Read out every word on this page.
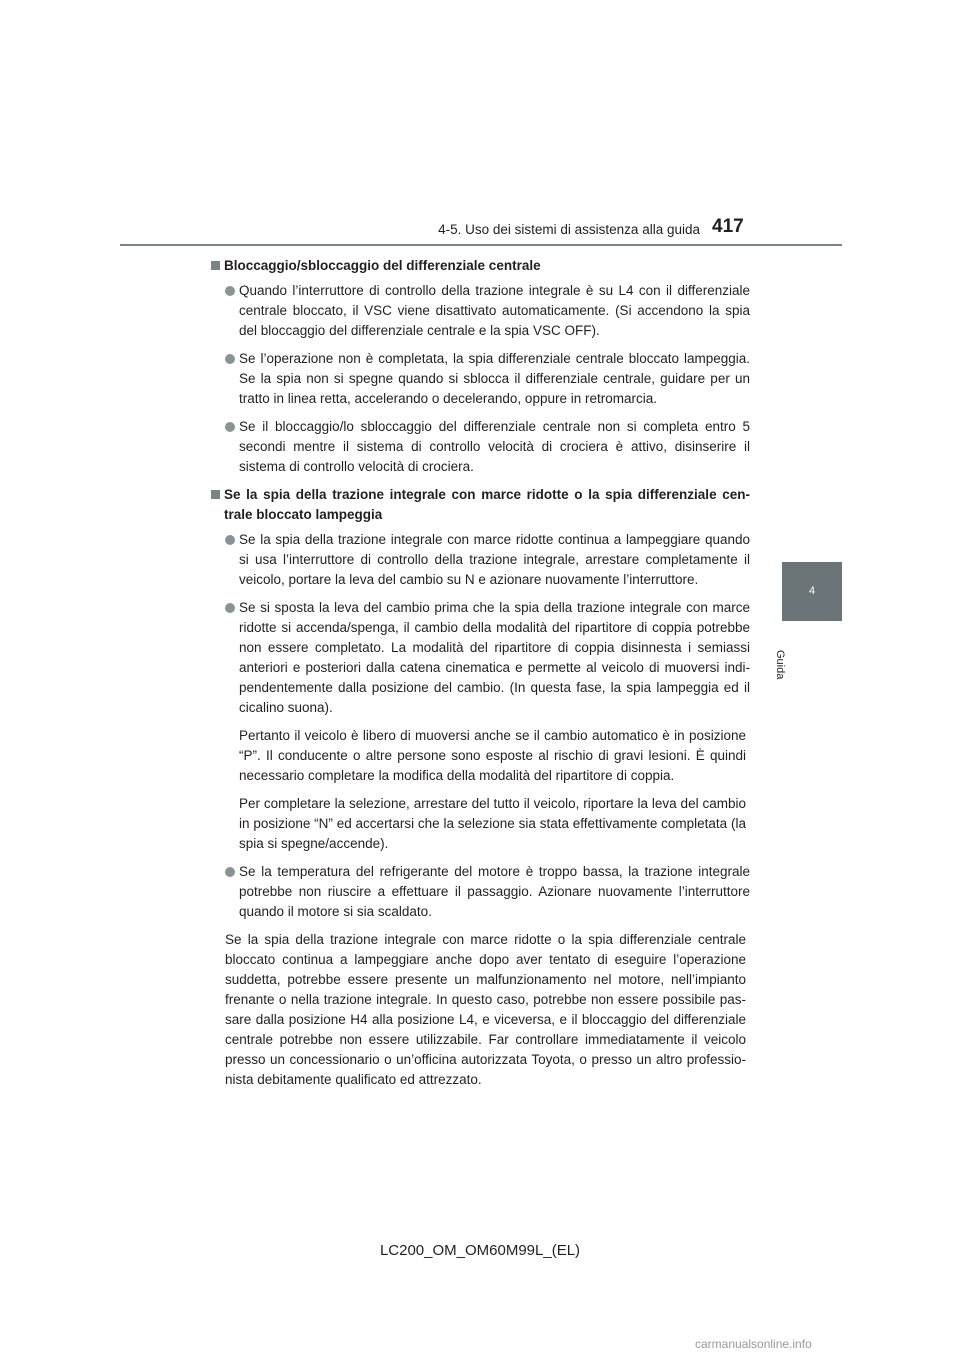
4-5. Uso dei sistemi di assistenza alla guida 417
4
Guida
Bloccaggio/sbloccaggio del differenziale centrale
Quando l’interruttore di controllo della trazione integrale è su L4 con il differenziale centrale bloccato, il VSC viene disattivato automaticamente. (Si accendono la spia del bloccaggio del differenziale centrale e la spia VSC OFF).
Se l’operazione non è completata, la spia differenziale centrale bloccato lampeggia. Se la spia non si spegne quando si sblocca il differenziale centrale, guidare per un tratto in linea retta, accelerando o decelerando, oppure in retromarcia.
Se il bloccaggio/lo sbloccaggio del differenziale centrale non si completa entro 5 secondi mentre il sistema di controllo velocità di crociera è attivo, disinserire il sistema di controllo velocità di crociera.
Se la spia della trazione integrale con marce ridotte o la spia differenziale cen-trale bloccato lampeggia
Se la spia della trazione integrale con marce ridotte continua a lampeggiare quando si usa l’interruttore di controllo della trazione integrale, arrestare completamente il veicolo, portare la leva del cambio su N e azionare nuovamente l’interruttore.
Se si sposta la leva del cambio prima che la spia della trazione integrale con marce ridotte si accenda/spenga, il cambio della modalità del ripartitore di coppia potrebbe non essere completato. La modalità del ripartitore di coppia disinnesta i semiassi anteriori e posteriori dalla catena cinematica e permette al veicolo di muoversi indi-pendentemente dalla posizione del cambio. (In questa fase, la spia lampeggia ed il cicalino suona).
Pertanto il veicolo è libero di muoversi anche se il cambio automatico è in posizione “P”. Il conducente o altre persone sono esposte al rischio di gravi lesioni. È quindi necessario completare la modifica della modalità del ripartitore di coppia.
Per completare la selezione, arrestare del tutto il veicolo, riportare la leva del cambio in posizione “N” ed accertarsi che la selezione sia stata effettivamente completata (la spia si spegne/accende).
Se la temperatura del refrigerante del motore è troppo bassa, la trazione integrale potrebbe non riuscire a effettuare il passaggio. Azionare nuovamente l’interruttore quando il motore si sia scaldato.
Se la spia della trazione integrale con marce ridotte o la spia differenziale centrale bloccato continua a lampeggiare anche dopo aver tentato di eseguire l’operazione suddetta, potrebbe essere presente un malfunzionamento nel motore, nell’impianto frenante o nella trazione integrale. In questo caso, potrebbe non essere possibile pas-sare dalla posizione H4 alla posizione L4, e viceversa, e il bloccaggio del differenziale centrale potrebbe non essere utilizzabile. Far controllare immediatamente il veicolo presso un concessionario o un’officina autorizzata Toyota, o presso un altro professio-nista debitamente qualificato ed attrezzato.
LC200_OM_OM60M99L_(EL)
carmanualsonline.info
